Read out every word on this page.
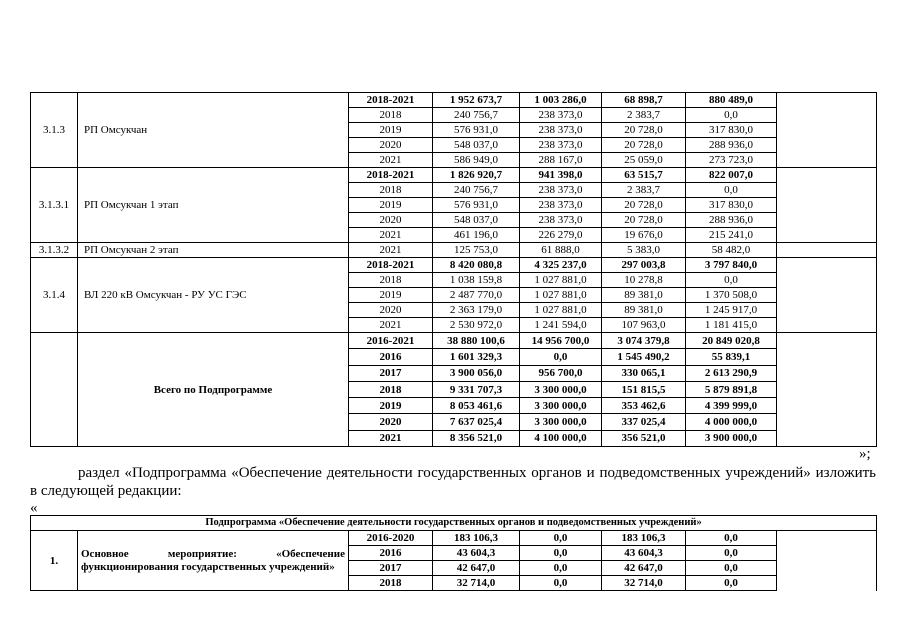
3.1.3	РП Омсукчан	2018-2021	1 952 673,7	1 003 286,0	68 898,7	880 489,0	
		2018	240 756,7	238 373,0	2 383,7	0,0	
		2019	576 931,0	238 373,0	20 728,0	317 830,0	
		2020	548 037,0	238 373,0	20 728,0	288 936,0	
		2021	586 949,0	288 167,0	25 059,0	273 723,0	
3.1.3.1	РП Омсукчан 1 этап	2018-2021	1 826 920,7	941 398,0	63 515,7	822 007,0	
		2018	240 756,7	238 373,0	2 383,7	0,0	
		2019	576 931,0	238 373,0	20 728,0	317 830,0	
		2020	548 037,0	238 373,0	20 728,0	288 936,0	
		2021	461 196,0	226 279,0	19 676,0	215 241,0	
3.1.3.2	РП Омсукчан 2 этап	2021	125 753,0	61 888,0	5 383,0	58 482,0	
3.1.4	ВЛ 220 кВ Омсукчан - РУ УС ГЭС	2018-2021	8 420 080,8	4 325 237,0	297 003,8	3 797 840,0	
		2018	1 038 159,8	1 027 881,0	10 278,8	0,0	
		2019	2 487 770,0	1 027 881,0	89 381,0	1 370 508,0	
		2020	2 363 179,0	1 027 881,0	89 381,0	1 245 917,0	
		2021	2 530 972,0	1 241 594,0	107 963,0	1 181 415,0	
	Всего по Подпрограмме	2016-2021	38 880 100,6	14 956 700,0	3 074 379,8	20 849 020,8	
		2016	1 601 329,3	0,0	1 545 490,2	55 839,1	
		2017	3 900 056,0	956 700,0	330 065,1	2 613 290,9	
		2018	9 331 707,3	3 300 000,0	151 815,5	5 879 891,8	
		2019	8 053 461,6	3 300 000,0	353 462,6	4 399 999,0	
		2020	7 637 025,4	3 300 000,0	337 025,4	4 000 000,0	
		2021	8 356 521,0	4 100 000,0	356 521,0	3 900 000,0	
»;

раздел «Подпрограмма «Обеспечение деятельности государственных органов и подведомственных учреждений» изложить в следующей редакции:

«
Подпрограмма «Обеспечение деятельности государственных органов и подведомственных учреждений»							
1.	Основное мероприятие: «Обеспечение функционирования государственных учреждений»	2016-2020	183 106,3	0,0	183 106,3	0,0	
		2016	43 604,3	0,0	43 604,3	0,0	
		2017	42 647,0	0,0	42 647,0	0,0	
		2018	32 714,0	0,0	32 714,0	0,0	
